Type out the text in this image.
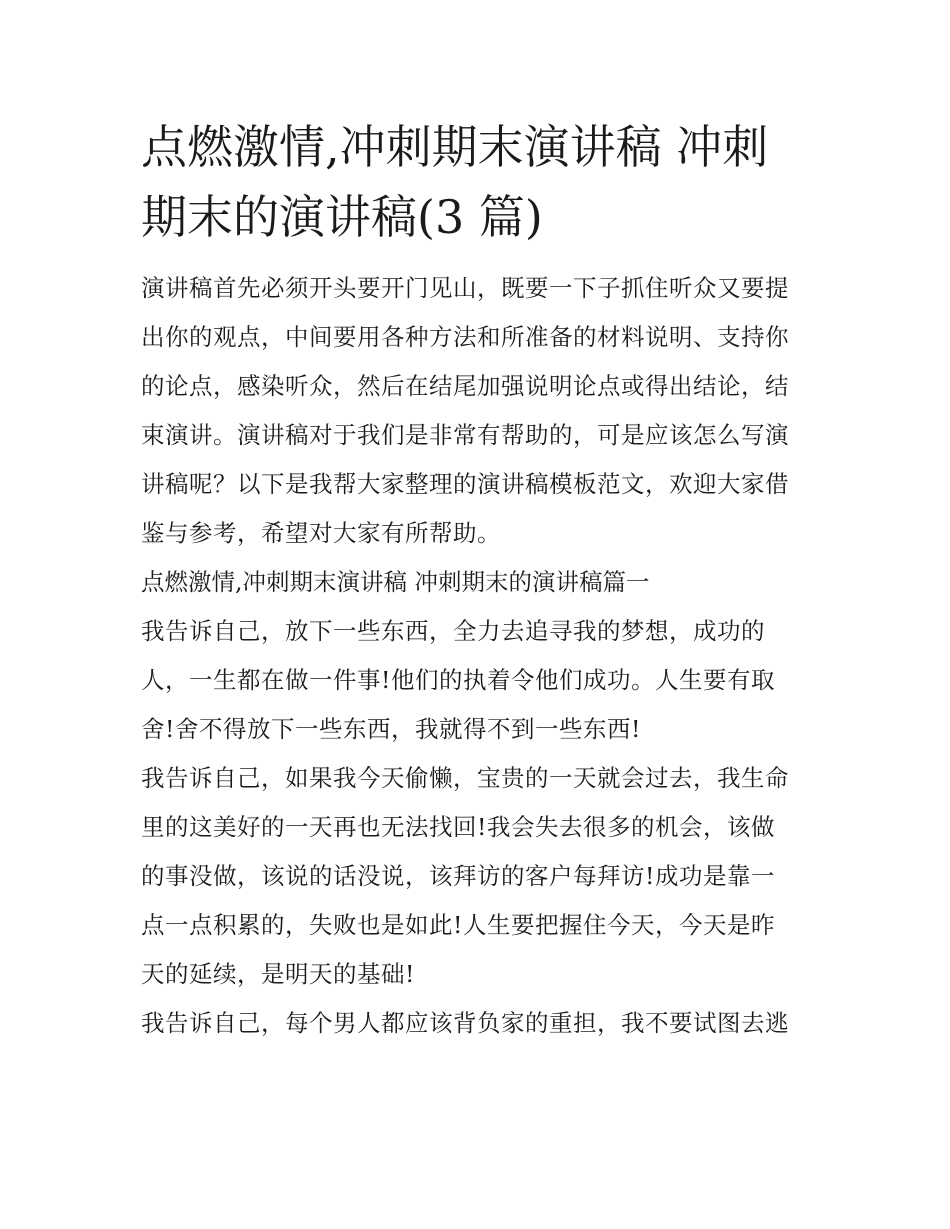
点燃激情,冲刺期末演讲稿 冲刺
期末的演讲稿(3 篇)
演讲稿首先必须开头要开门见山，既要一下子抓住听众又要提
出你的观点，中间要用各种方法和所准备的材料说明、支持你
的论点，感染听众，然后在结尾加强说明论点或得出结论，结
束演讲。演讲稿对于我们是非常有帮助的，可是应该怎么写演
讲稿呢？以下是我帮大家整理的演讲稿模板范文，欢迎大家借
鉴与参考，希望对大家有所帮助。
点燃激情,冲刺期末演讲稿 冲刺期末的演讲稿篇一
我告诉自己，放下一些东西，全力去追寻我的梦想，成功的
人，一生都在做一件事!他们的执着令他们成功。人生要有取
舍!舍不得放下一些东西，我就得不到一些东西!
我告诉自己，如果我今天偷懒，宝贵的一天就会过去，我生命
里的这美好的一天再也无法找回!我会失去很多的机会，该做
的事没做，该说的话没说，该拜访的客户每拜访!成功是靠一
点一点积累的，失败也是如此!人生要把握住今天，今天是昨
天的延续，是明天的基础!
我告诉自己，每个男人都应该背负家的重担，我不要试图去逃
